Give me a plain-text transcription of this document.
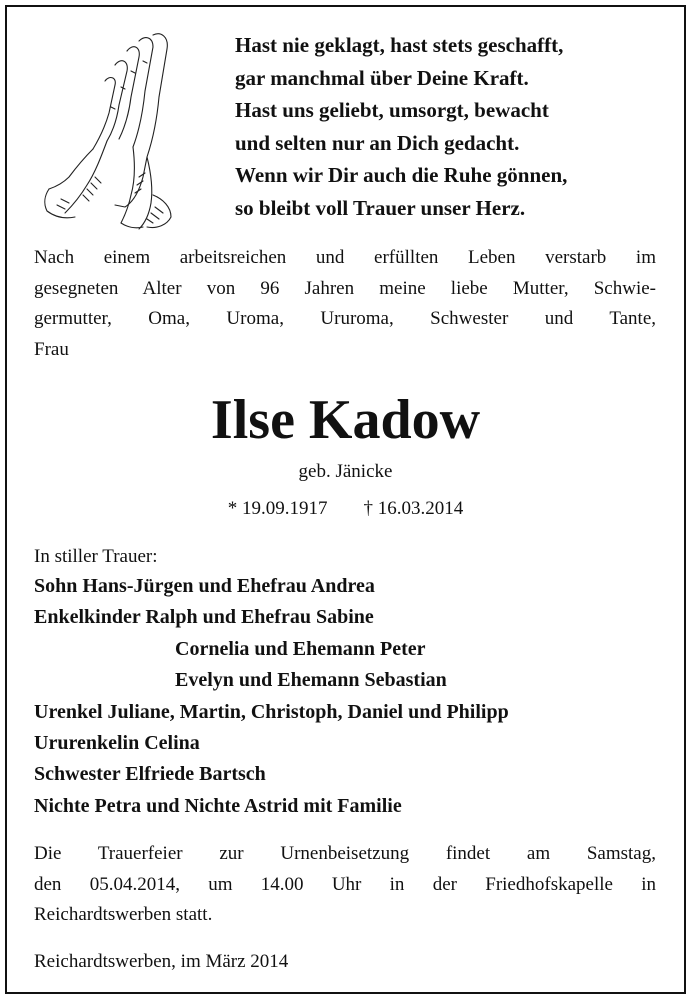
Hast nie geklagt, hast stets geschafft,
gar manchmal über Deine Kraft.
Hast uns geliebt, umsorgt, bewacht
und selten nur an Dich gedacht.
Wenn wir Dir auch die Ruhe gönnen,
so bleibt voll Trauer unser Herz.
Nach einem arbeitsreichen und erfüllten Leben verstarb im
gesegneten Alter von 96 Jahren meine liebe Mutter, Schwie-
germutter, Oma, Uroma, Ururoma, Schwester und Tante,
Frau
Ilse Kadow
geb. Jänicke
* 19.09.1917 † 16.03.2014
In stiller Trauer:
Sohn Hans-Jürgen und Ehefrau Andrea
Enkelkinder Ralph und Ehefrau Sabine
Cornelia und Ehemann Peter
Evelyn und Ehemann Sebastian
Urenkel Juliane, Martin, Christoph, Daniel und Philipp
Ururenkelin Celina
Schwester Elfriede Bartsch
Nichte Petra und Nichte Astrid mit Familie
Die Trauerfeier zur Urnenbeisetzung findet am Samstag,
den 05.04.2014, um 14.00 Uhr in der Friedhofskapelle in
Reichardtswerben statt.
Reichardtswerben, im März 2014
